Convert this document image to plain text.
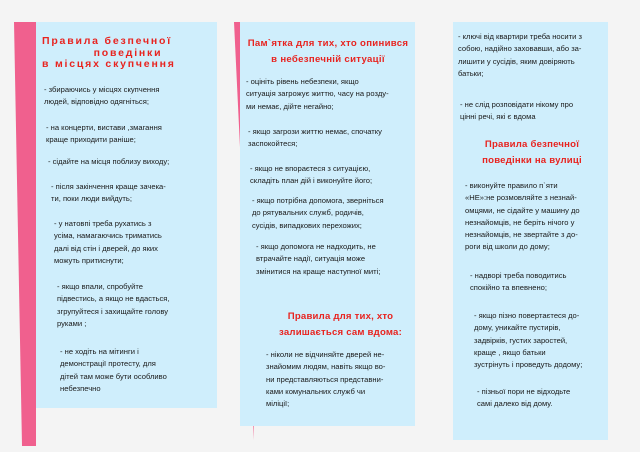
Правила безпечної
поведінки
в місцях скупчення
- збираючись у місцях скупчення
людей, відповідно одягніться;
- на концерти, вистави ,змагання
краще приходити раніше;
- сідайте на місця поблизу виходу;
- після закінчення краще зачека-
ти, поки люди вийдуть;
- у натовпі треба рухатись з
усіма, намагаючись триматись
далі від стін і дверей, до яких
можуть притиснути;
- якщо впали, спробуйте
підвестись, а якщо не вдасться,
згрупуйтеся і захищайте голову
руками ;
- не ходіть на мітинги і
демонстрації протесту, для
дітей там може бути особливо
небезпечно
Пам`ятка для тих, хто опинився
в небезпечній ситуації
- оцініть рівень небезпеки, якщо
ситуація загрожує життю, часу на розду-
ми немає, дійте негайно;
- якщо загрози життю немає, спочатку
заспокойтеся;
- якщо не впораєтеся з ситуацією,
складіть план дій і виконуйте його;
- якщо потрібна допомога, зверніться
до рятувальних служб, родичів,
сусідів, випадкових перехожих;
- якщо допомога не надходить, не
втрачайте надії, ситуація може
змінитися на краще наступної миті;
Правила для тих, хто
залишається сам вдома:
- ніколи не відчиняйте дверей не-
знайомим людям, навіть якщо во-
ни представляються представни-
ками комунальних служб чи
міліції;
- ключі від квартири треба носити з
собою, надійно заховавши, або за-
лишити у сусідів, яким довіряють
батьки;
- не слід розповідати нікому про
цінні речі, які є вдома
Правила безпечної
поведінки на вулиці
- виконуйте правило п`яти
«НЕ»:не розмовляйте з незнай-
омцями, не сідайте у машину до
незнайомців, не беріть нічого у
незнайомців, не звертайте з до-
роги від школи до дому;
- надворі треба поводитись
спокійно та впевнено;
- якщо пізно повертаєтеся до-
дому, уникайте пустирів,
задвірків, густих заростей,
краще , якщо батьки
зустрінуть і проведуть додому;
- пізньої пори не відходьте
самі далеко від дому.
